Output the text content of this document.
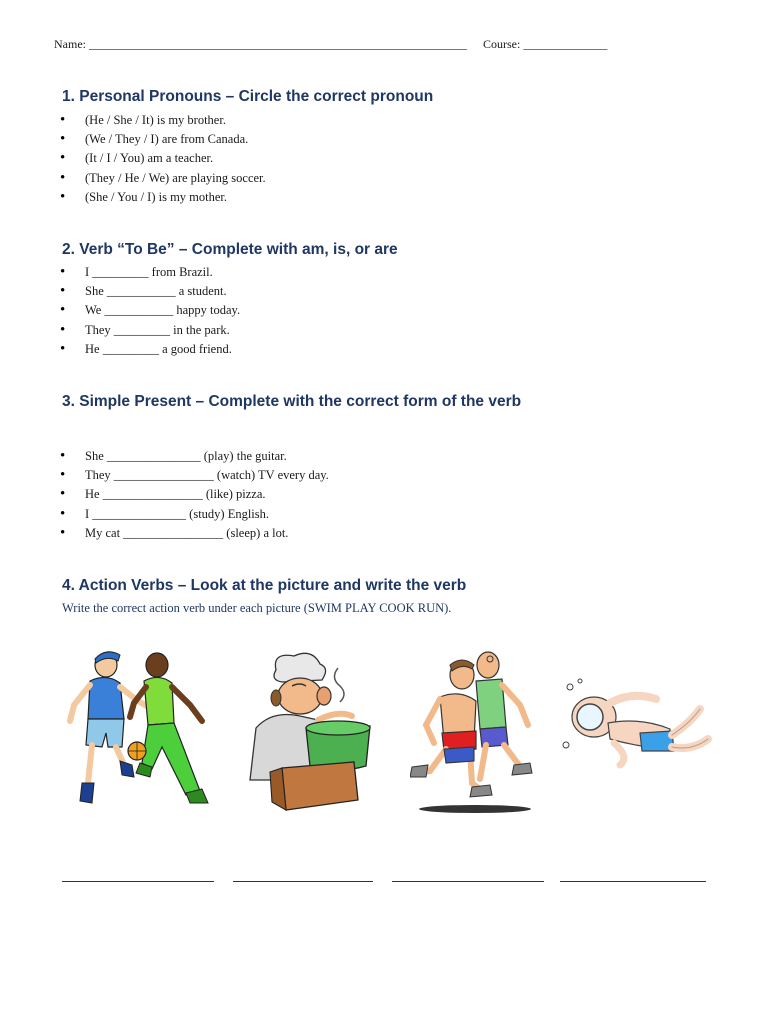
Name: _______________________________________________________________ Course: ______________
1. Personal Pronouns – Circle the correct pronoun
• (He / She / It) is my brother.
• (We / They / I) are from Canada.
• (It / I / You) am a teacher.
• (They / He / We) are playing soccer.
• (She / You / I) is my mother.
2. Verb “To Be” – Complete with am, is, or are
• I _________ from Brazil.
• She ___________ a student.
• We ___________ happy today.
• They _________ in the park.
• He _________ a good friend.
3. Simple Present – Complete with the correct form of the verb
• She _______________ (play) the guitar.
• They ________________ (watch) TV every day.
• He ________________ (like) pizza.
• I _______________ (study) English.
• My cat ________________ (sleep) a lot.
4. Action Verbs – Look at the picture and write the verb
Write the correct action verb under each picture (SWIM PLAY COOK RUN).
